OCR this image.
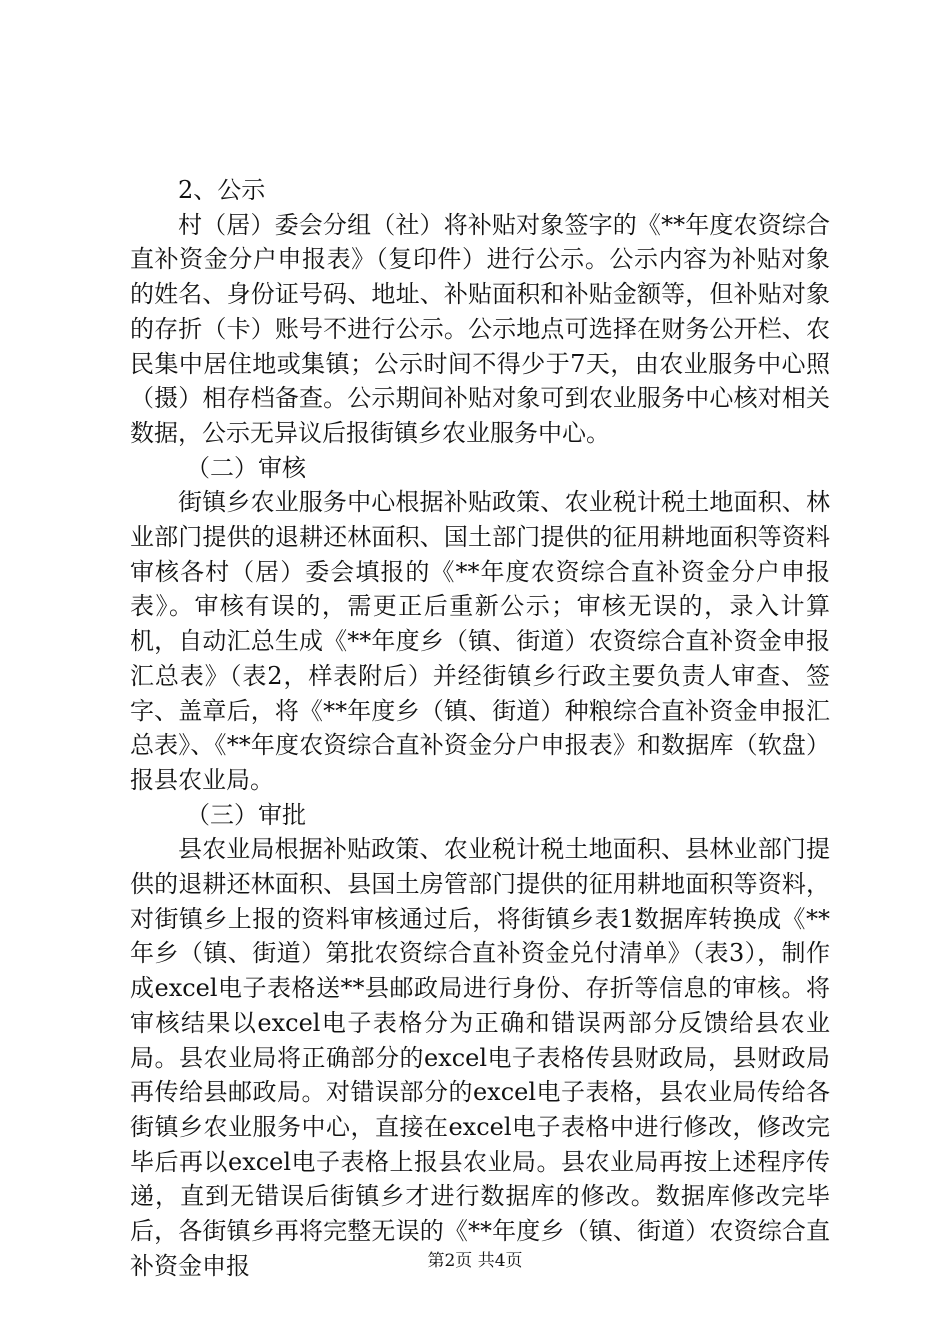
2、公示

村（居）委会分组（社）将补贴对象签字的《**年度农资综合直补资金分户申报表》（复印件）进行公示。公示内容为补贴对象的姓名、身份证号码、地址、补贴面积和补贴金额等，但补贴对象的存折（卡）账号不进行公示。公示地点可选择在财务公开栏、农民集中居住地或集镇；公示时间不得少于7天，由农业服务中心照（摄）相存档备查。公示期间补贴对象可到农业服务中心核对相关数据，公示无异议后报街镇乡农业服务中心。

（二）审核

街镇乡农业服务中心根据补贴政策、农业税计税土地面积、林业部门提供的退耕还林面积、国土部门提供的征用耕地面积等资料审核各村（居）委会填报的《**年度农资综合直补资金分户申报表》。审核有误的，需更正后重新公示；审核无误的，录入计算机，自动汇总生成《**年度乡（镇、街道）农资综合直补资金申报汇总表》（表2，样表附后）并经街镇乡行政主要负责人审查、签字、盖章后，将《**年度乡（镇、街道）种粮综合直补资金申报汇总表》、《**年度农资综合直补资金分户申报表》和数据库（软盘）报县农业局。

（三）审批

县农业局根据补贴政策、农业税计税土地面积、县林业部门提供的退耕还林面积、县国土房管部门提供的征用耕地面积等资料，对街镇乡上报的资料审核通过后，将街镇乡表1数据库转换成《**年乡（镇、街道）第批农资综合直补资金兑付清单》（表3），制作成excel电子表格送**县邮政局进行身份、存折等信息的审核。将审核结果以excel电子表格分为正确和错误两部分反馈给县农业局。县农业局将正确部分的excel电子表格传县财政局，县财政局再传给县邮政局。对错误部分的excel电子表格，县农业局传给各街镇乡农业服务中心，直接在excel电子表格中进行修改，修改完毕后再以excel电子表格上报县农业局。县农业局再按上述程序传递，直到无错误后街镇乡才进行数据库的修改。数据库修改完毕后，各街镇乡再将完整无误的《**年度乡（镇、街道）农资综合直补资金申报	第2页 共4页
